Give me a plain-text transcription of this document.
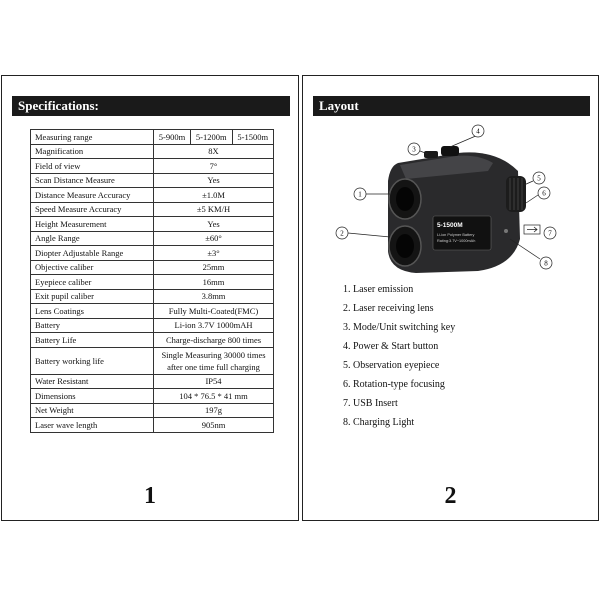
Specifications:
Measuring range	5-900m	5-1200m	5-1500m
Magnification	8X		
Field of view	7°		
Scan Distance Measure	Yes		
Distance Measure Accuracy	±1.0M		
Speed Measure Accuracy	±5 KM/H		
Height Measurement	Yes		
Angle Range	±60°		
Diopter Adjustable Range	±3°		
Objective caliber	25mm		
Eyepiece caliber	16mm		
Exit pupil caliber	3.8mm		
Lens Coatings	Fully Multi-Coated(FMC)		
Battery	Li-ion 3.7V 1000mAH		
Battery Life	Charge-discharge 800 times		
Battery working life	Single Measuring 30000 times
after one time full charging		

Water Resistant	IP54		
Dimensions	104 * 76.5 * 41 mm		
Net Weight	197g		
Laser wave length	905nm		
1
Layout
5-1500M
Li-ion Polymer Battery
Rating:3.7V~1000mAh
1
2
3
4
5
6
7
8
1. Laser emission
2. Laser receiving lens
3. Mode/Unit switching key
4. Power & Start button
5. Observation eyepiece
6. Rotation-type focusing
7. USB Insert
8. Charging Light
2
